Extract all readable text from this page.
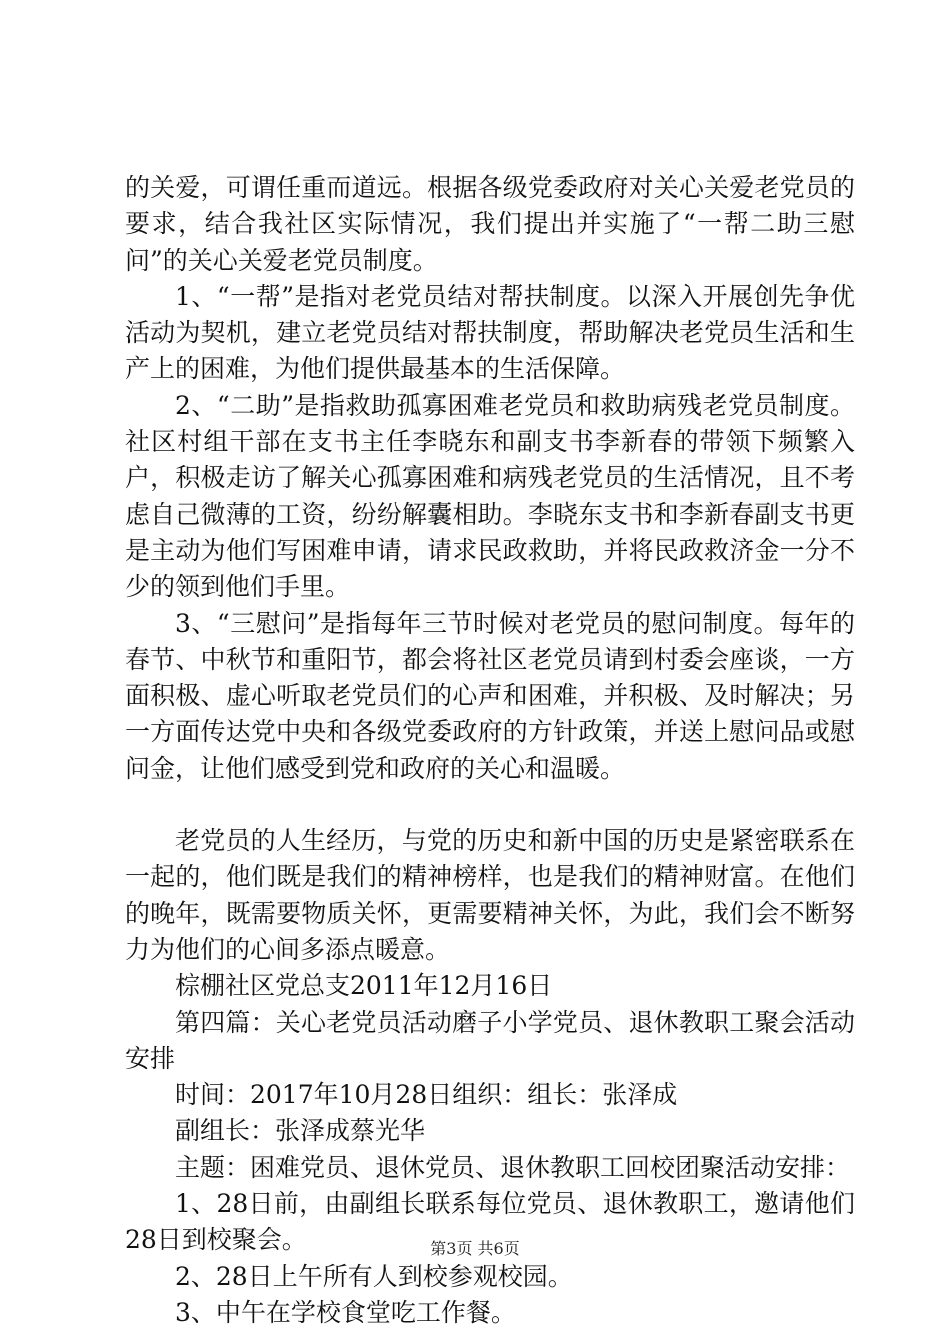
的关爱，可谓任重而道远。根据各级党委政府对关心关爱老党员的要求，结合我社区实际情况，我们提出并实施了“一帮二助三慰问”的关心关爱老党员制度。

1、“一帮”是指对老党员结对帮扶制度。以深入开展创先争优活动为契机，建立老党员结对帮扶制度，帮助解决老党员生活和生产上的困难，为他们提供最基本的生活保障。

2、“二助”是指救助孤寡困难老党员和救助病残老党员制度。社区村组干部在支书主任李晓东和副支书李新春的带领下频繁入户，积极走访了解关心孤寡困难和病残老党员的生活情况，且不考虑自己微薄的工资，纷纷解囊相助。李晓东支书和李新春副支书更是主动为他们写困难申请，请求民政救助，并将民政救济金一分不少的领到他们手里。

3、“三慰问”是指每年三节时候对老党员的慰问制度。每年的春节、中秋节和重阳节，都会将社区老党员请到村委会座谈，一方面积极、虚心听取老党员们的心声和困难，并积极、及时解决；另一方面传达党中央和各级党委政府的方针政策，并送上慰问品或慰问金，让他们感受到党和政府的关心和温暖。

老党员的人生经历，与党的历史和新中国的历史是紧密联系在一起的，他们既是我们的精神榜样，也是我们的精神财富。在他们的晚年，既需要物质关怀，更需要精神关怀，为此，我们会不断努力为他们的心间多添点暖意。

棕棚社区党总支2011年12月16日

第四篇：关心老党员活动磨子小学党员、退休教职工聚会活动安排

时间：2017年10月28日组织：组长：张泽成

副组长：张泽成蔡光华

主题：困难党员、退休党员、退休教职工回校团聚活动安排：

1、28日前，由副组长联系每位党员、退休教职工，邀请他们28日到校聚会。

2、28日上午所有人到校参观校园。

3、中午在学校食堂吃工作餐。

第3页 共6页
